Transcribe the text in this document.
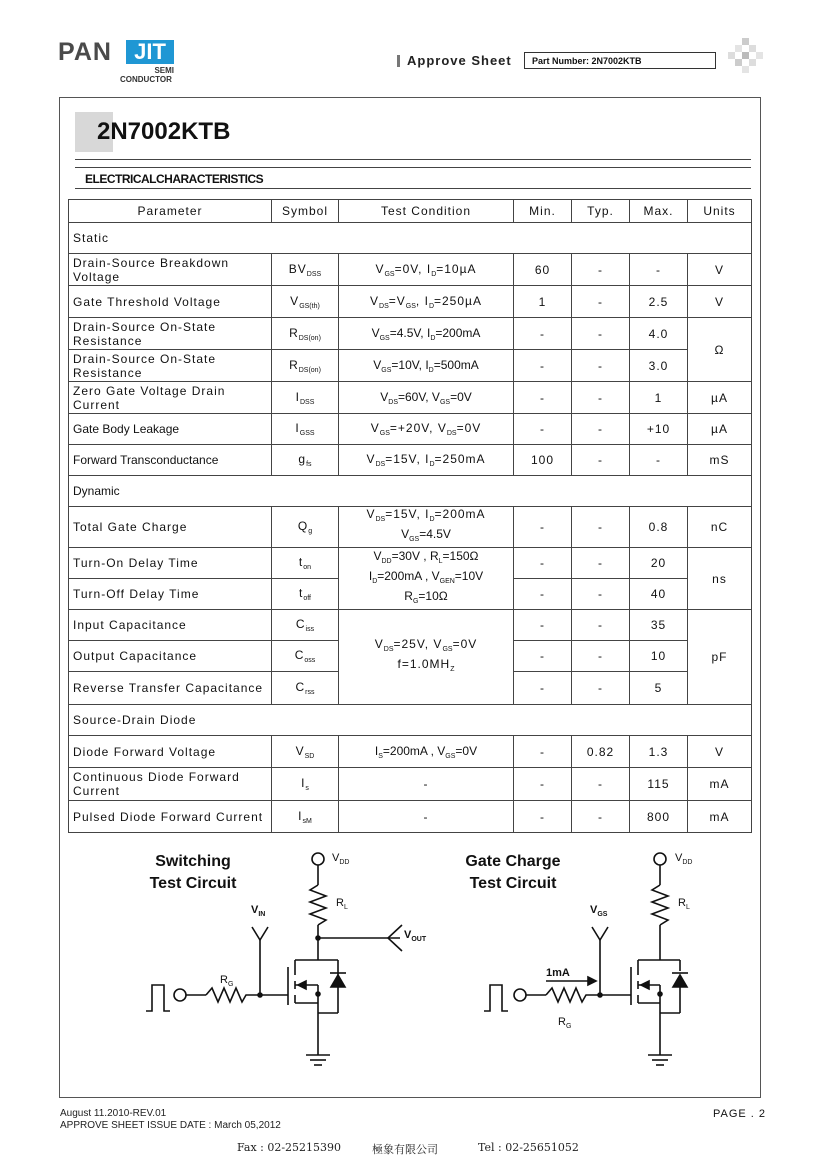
PAN	JIT
SEMI
CONDUCTOR
Approve Sheet	Part Number: 2N7002KTB
2N7002KTB
ELECTRICALCHARACTERISTICS
Parameter	Symbol	Test Condition	Min.	Typ.	Max.	Units
Static						
Drain-Source Breakdown Voltage	$BV_{DSS}$	$V_{GS}=0V$, $I_D=10\mu A$	60	-	-	V
Gate Threshold Voltage	$V_{GS(th)}$	$V_{DS}=V_{GS}$, $I_D=250\mu A$	1	-	2.5	V
Drain-Source On-State Resistance	$R_{DS(on)}$	$V_{GS}=4.5V$, $I_D=200mA$	-	-	4.0	Ω
Drain-Source On-State Resistance	$R_{DS(on)}$	$V_{GS}=10V$, $I_D=500mA$	-	-	3.0	
Zero Gate Voltage Drain Current	$I_{DSS}$	$V_{DS}=60V$, $V_{GS}=0V$	-	-	1	µA
Gate Body Leakage	$I_{GSS}$	$V_{GS}=+20V$, $V_{DS}=0V$	-	-	+10	µA
Forward Transconductance	$g_{fs}$	$V_{DS}=15V$, $I_D=250mA$	100	-	-	mS
Dynamic						
Total Gate Charge	$Q_g$	$V_{DS}=15V$, $I_D=200mA$
$V_{GS}=4.5V$	-	-	0.8	nC
Turn-On Delay Time	$t_{on}$	$V_{DD}=30V$ , $R_L=150\Omega$
$I_D=200mA$ , $V_{GEN}=10V$
$R_G=10\Omega$	-	-	20	ns
Turn-Off Delay Time	$t_{off}$		-	-	40	
Input Capacitance	$C_{iss}$	$V_{DS}=25V$, $V_{GS}=0V$
$f=1.0MH_Z$	-	-	35	pF
Output Capacitance	$C_{oss}$		-	-	10	
Reverse Transfer Capacitance	$C_{rss}$		-	-	5	
Source-Drain Diode						
Diode Forward Voltage	$V_{SD}$	$I_S=200mA$ , $V_{GS}=0V$	-	0.82	1.3	V
Continuous Diode Forward Current	$I_s$	-	-	-	115	mA
Pulsed Diode Forward Current	$I_{sM}$	-	-	-	800	mA
Switching
Test Circuit
Gate Charge
Test Circuit
$V_{DD}$
$R_L$
$V_{IN}$
$V_{OUT}$
$R_G$
$V_{DD}$
$R_L$
$V_{GS}$
1mA
$R_G$
August 11.2010-REV.01
APPROVE SHEET ISSUE DATE : March 05,2012
PAGE . 2
Fax : 02-25215390	極象有限公司	Tel : 02-25651052
